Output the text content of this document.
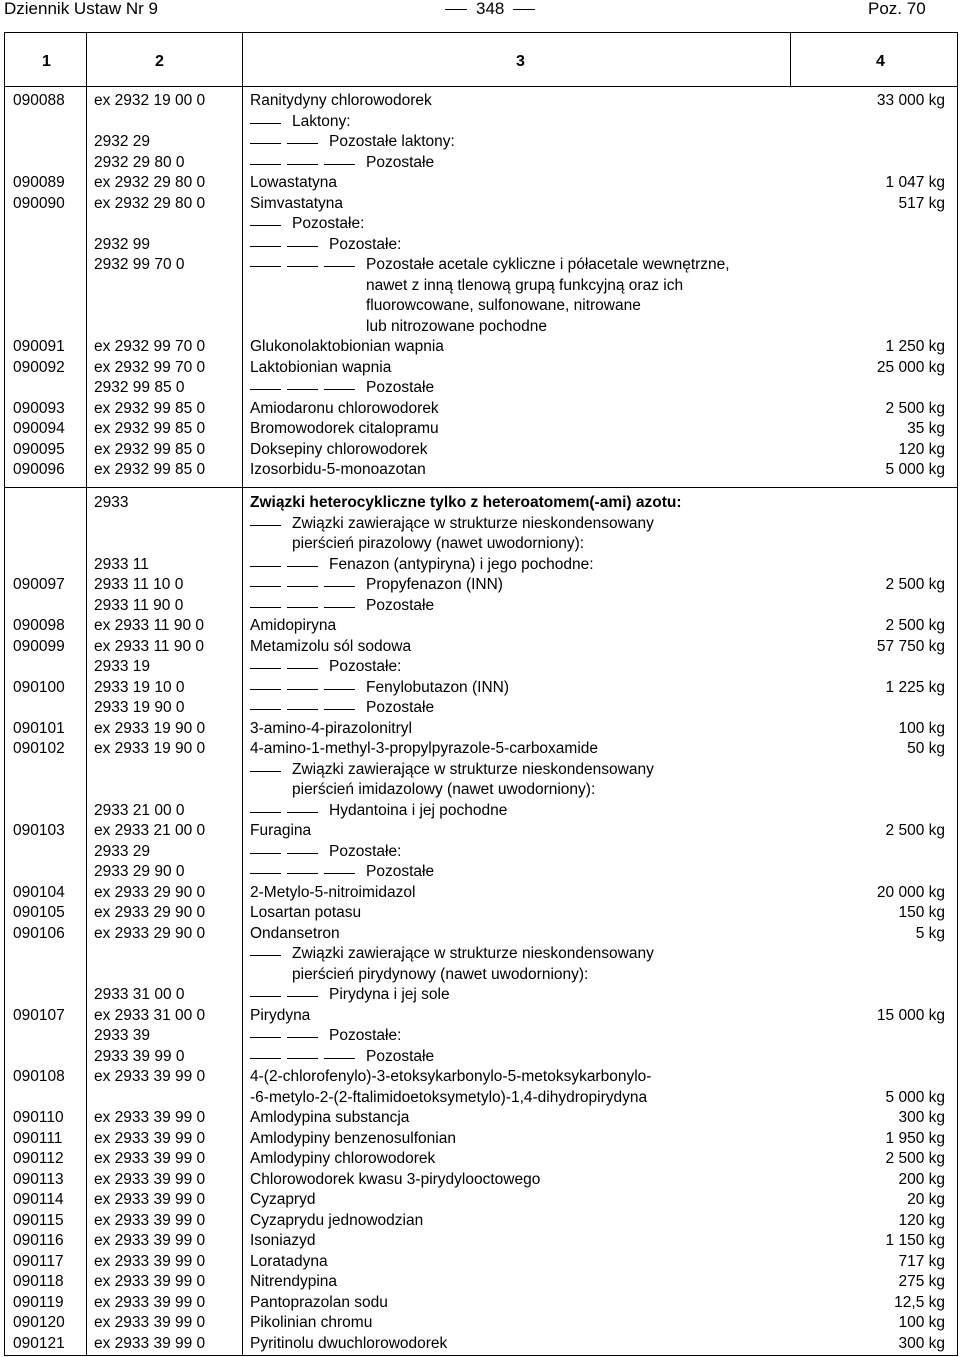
Dziennik Ustaw Nr 9	348	Poz. 70
1	2	3	4
090088 ex 2932 19 00 0	Ranitydyny chlorowodorek	33 000 kg
Laktony:
2932 29	Pozostałe laktony:
2932 29 80 0	Pozostałe
090089 ex 2932 29 80 0	Lowastatyna	1 047 kg
090090 ex 2932 29 80 0	Simvastatyna	517 kg
Pozostałe:
2932 99	Pozostałe:
2932 99 70 0	Pozostałe acetale cykliczne i półacetale wewnętrzne,
nawet z inną tlenową grupą funkcyjną oraz ich
fluorowcowane, sulfonowane, nitrowane
lub nitrozowane pochodne
090091 ex 2932 99 70 0	Glukonolaktobionian wapnia	1 250 kg
090092 ex 2932 99 70 0	Laktobionian wapnia	25 000 kg
2932 99 85 0	Pozostałe
090093 ex 2932 99 85 0	Amiodaronu chlorowodorek	2 500 kg
090094 ex 2932 99 85 0	Bromowodorek citalopramu	35 kg
090095 ex 2932 99 85 0	Doksepiny chlorowodorek	120 kg
090096 ex 2932 99 85 0	Izosorbidu-5-monoazotan	5 000 kg
2933	Związki heterocykliczne tylko z heteroatomem(-ami) azotu:
Związki zawierające w strukturze nieskondensowany
pierścień pirazolowy (nawet uwodorniony):
2933 11	Fenazon (antypiryna) i jego pochodne:
090097 2933 11 10 0	Propyfenazon (INN)	2 500 kg
2933 11 90 0	Pozostałe
090098 ex 2933 11 90 0	Amidopiryna	2 500 kg
090099 ex 2933 11 90 0	Metamizolu sól sodowa	57 750 kg
2933 19	Pozostałe:
090100 2933 19 10 0	Fenylobutazon (INN)	1 225 kg
2933 19 90 0	Pozostałe
090101 ex 2933 19 90 0	3-amino-4-pirazolonitryl	100 kg
090102 ex 2933 19 90 0	4-amino-1-methyl-3-propylpyrazole-5-carboxamide	50 kg
Związki zawierające w strukturze nieskondensowany
pierścień imidazolowy (nawet uwodorniony):
2933 21 00 0	Hydantoina i jej pochodne
090103 ex 2933 21 00 0	Furagina	2 500 kg
2933 29	Pozostałe:
2933 29 90 0	Pozostałe
090104 ex 2933 29 90 0	2-Metylo-5-nitroimidazol	20 000 kg
090105 ex 2933 29 90 0	Losartan potasu	150 kg
090106 ex 2933 29 90 0	Ondansetron	5 kg
Związki zawierające w strukturze nieskondensowany
pierścień pirydynowy (nawet uwodorniony):
2933 31 00 0	Pirydyna i jej sole
090107 ex 2933 31 00 0	Pirydyna	15 000 kg
2933 39	Pozostałe:
2933 39 99 0	Pozostałe
090108 ex 2933 39 99 0	4-(2-chlorofenylo)-3-etoksykarbonylo-5-metoksykarbonylo-
-6-metylo-2-(2-ftalimidoetoksymetylo)-1,4-dihydropirydyna	5 000 kg
090110 ex 2933 39 99 0	Amlodypina substancja	300 kg
090111 ex 2933 39 99 0	Amlodypiny benzenosulfonian	1 950 kg
090112 ex 2933 39 99 0	Amlodypiny chlorowodorek	2 500 kg
090113 ex 2933 39 99 0	Chlorowodorek kwasu 3-pirydylooctowego	200 kg
090114 ex 2933 39 99 0	Cyzapryd	20 kg
090115 ex 2933 39 99 0	Cyzaprydu jednowodzian	120 kg
090116 ex 2933 39 99 0	Isoniazyd	1 150 kg
090117 ex 2933 39 99 0	Loratadyna	717 kg
090118 ex 2933 39 99 0	Nitrendypina	275 kg
090119 ex 2933 39 99 0	Pantoprazolan sodu	12,5 kg
090120 ex 2933 39 99 0	Pikolinian chromu	100 kg
090121 ex 2933 39 99 0	Pyritinolu dwuchlorowodorek	300 kg
